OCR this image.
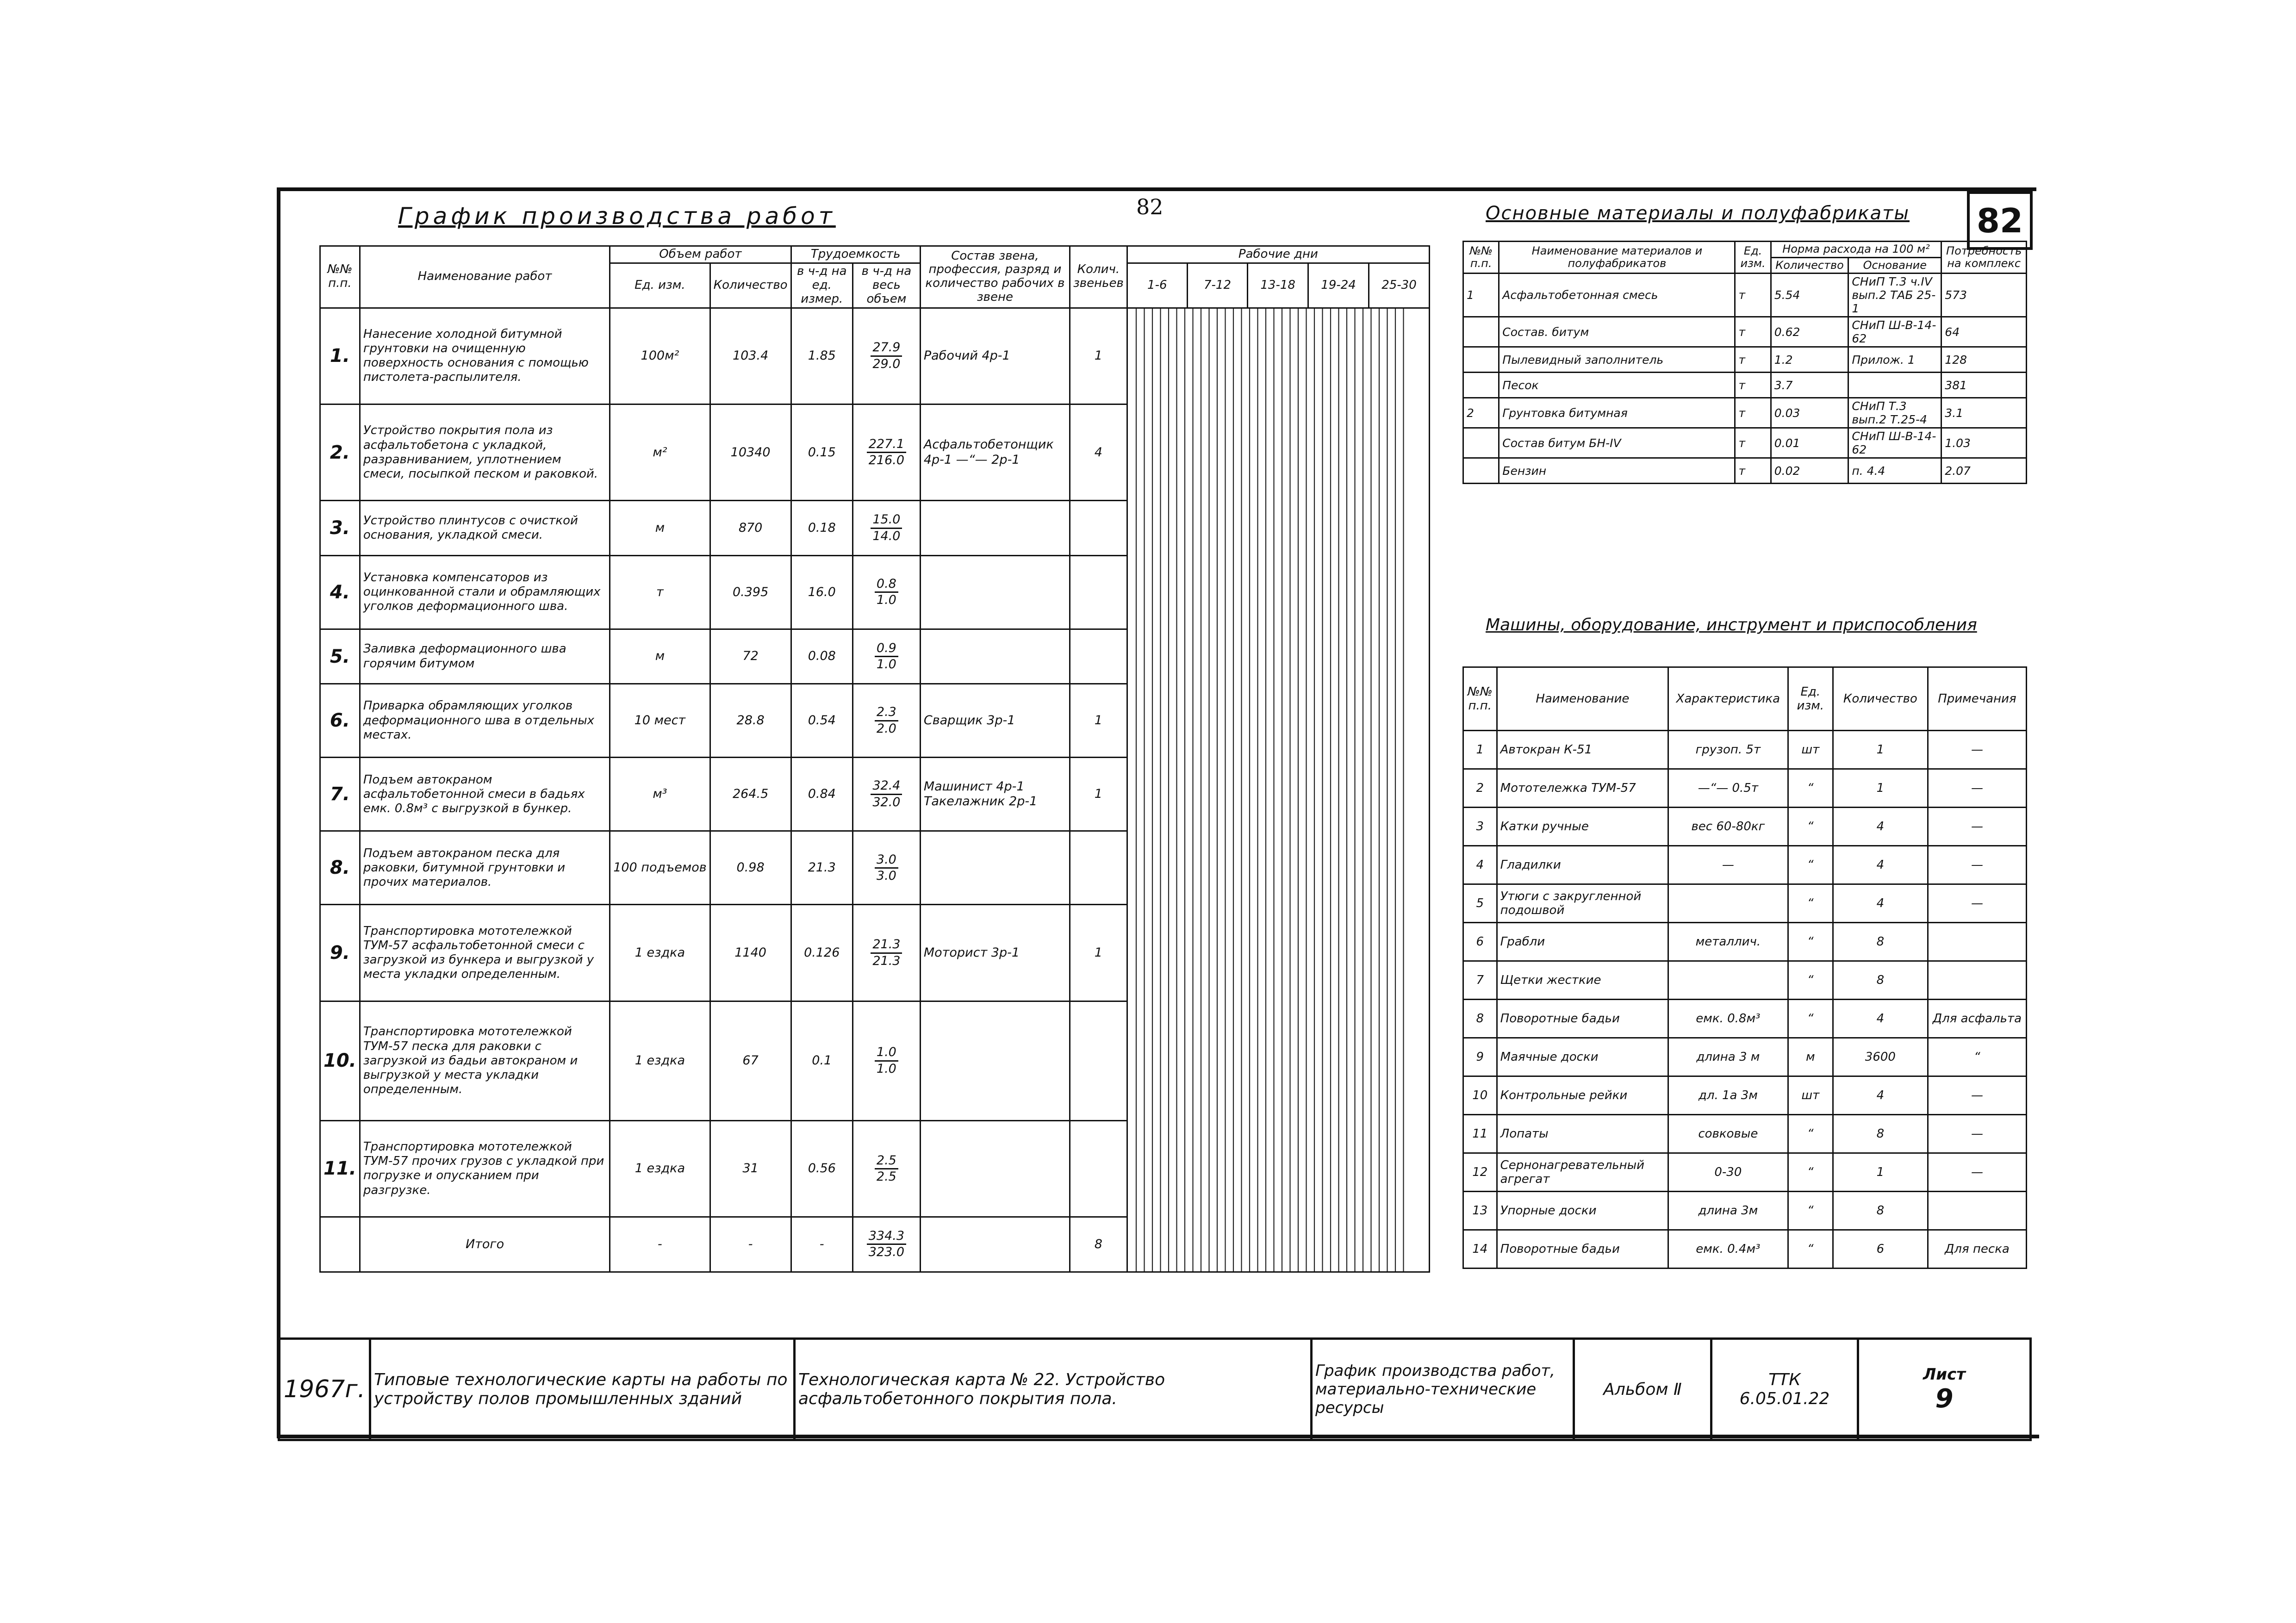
82
График производства работ	Основные материалы и полуфабрикаты 82
Машины, оборудование, инструмент и приспособления
№№ п.п.	Наименование работ	Объем работ		Трудоемкость		Состав звена, профессия, разряд и количество рабочих в звене	Колич. звеньев	Рабочие дни				
		Ед. изм.	Количество	в ч-д на ед. измер.	в ч-д на весь объем			1-6	7-12	13-18	19-24	25-30
1.	Нанесение холодной битумной грунтовки на очищенную поверхность основания с помощью пистолета-распылителя.	100м²	103.4	1.85	27.9
29.0	Рабочий 4р-1	1	

2.	Устройство покрытия пола из асфальтобетона с укладкой, разравниванием, уплотнением смеси, посыпкой песком и раковкой.	м²	10340	0.15	227.1
216.0	Асфальтобетонщик 4р-1 —“— 2р-1	4					
3.	Устройство плинтусов с очисткой основания, укладкой смеси.	м	870	0.18	15.0
14.0							

4.	Установка компенсаторов из оцинкованной стали и обрамляющих уголков деформационного шва.	т	0.395	16.0	0.8
1.0							

5.	Заливка деформационного шва горячим битумом	м	72	0.08	0.9
1.0							

6.	Приварка обрамляющих уголков деформационного шва в отдельных местах.	10 мест	28.8	0.54	2.3
2.0	Сварщик 3р-1	1					
7.	Подъем автокраном асфальтобетонной смеси в бадьях емк. 0.8м³ с выгрузкой в бункер.	м³	264.5	0.84	32.4
32.0	Машинист 4р-1 Такелажник 2р-1	1					
8.	Подъем автокраном песка для раковки, битумной грунтовки и прочих материалов.	100 подъемов	0.98	21.3	3.0
3.0							

9.	Транспортировка мототележкой ТУМ-57 асфальтобетонной смеси с загрузкой из бункера и выгрузкой у места укладки определенным.	1 ездка	1140	0.126	21.3
21.3	Моторист 3р-1	1					
10.	Транспортировка мототележкой ТУМ-57 песка для раковки с загрузкой из бадьи автокраном и выгрузкой у места укладки определенным.	1 ездка	67	0.1	1.0
1.0							

11.	Транспортировка мототележкой ТУМ-57 прочих грузов с укладкой при погрузке и опусканием при разгрузке.	1 ездка	31	0.56	2.5
2.5							

	Итого	-	-	-	334.3
323.0		8					
№№ п.п.	Наименование материалов и полуфабрикатов	Ед. изм.	Норма расхода на 100 м²		Потребность на комплекс
			Количество	Основание	
1	Асфальтобетонная смесь	т	5.54	СНиП Т.3 ч.IV вып.2 ТАБ 25-1	573
	Состав. битум	т	0.62	СНиП Ш-В-14-62	64
	Пылевидный заполнитель	т	1.2	Прилож. 1	128
	Песок	т	3.7		381
2	Грунтовка битумная	т	0.03	СНиП Т.3 вып.2 Т.25-4	3.1
	Состав битум БН-IV	т	0.01	СНиП Ш-В-14-62	1.03
	Бензин	т	0.02	п. 4.4	2.07
№№ п.п.	Наименование	Характеристика	Ед. изм.	Количество	Примечания
1	Автокран К-51	грузоп. 5т	шт	1	—
2	Мототележка ТУМ-57	—“— 0.5т	“	1	—
3	Катки ручные	вес 60-80кг	“	4	—
4	Гладилки	—	“	4	—
5	Утюги с закругленной подошвой		“	4	—
6	Грабли	металлич.	“	8	
7	Щетки жесткие		“	8	
8	Поворотные бадьи	емк. 0.8м³	“	4	Для асфальта
9	Маячные доски	длина 3 м	м	3600	“
10	Контрольные рейки	дл. 1а 3м	шт	4	—
11	Лопаты	совковые	“	8	—
12	Сернонагревательный агрегат	0-30	“	1	—
13	Упорные доски	длина 3м	“	8	
14	Поворотные бадьи	емк. 0.4м³	“	6	Для песка
1967г.	Типовые технологические карты на работы по устройству полов промышленных зданий	Технологическая карта № 22. Устройство асфальтобетонного покрытия пола.	График производства работ, материально-технические ресурсы	Альбом Ⅱ	ТТК
6.05.01.22

Лист
9
